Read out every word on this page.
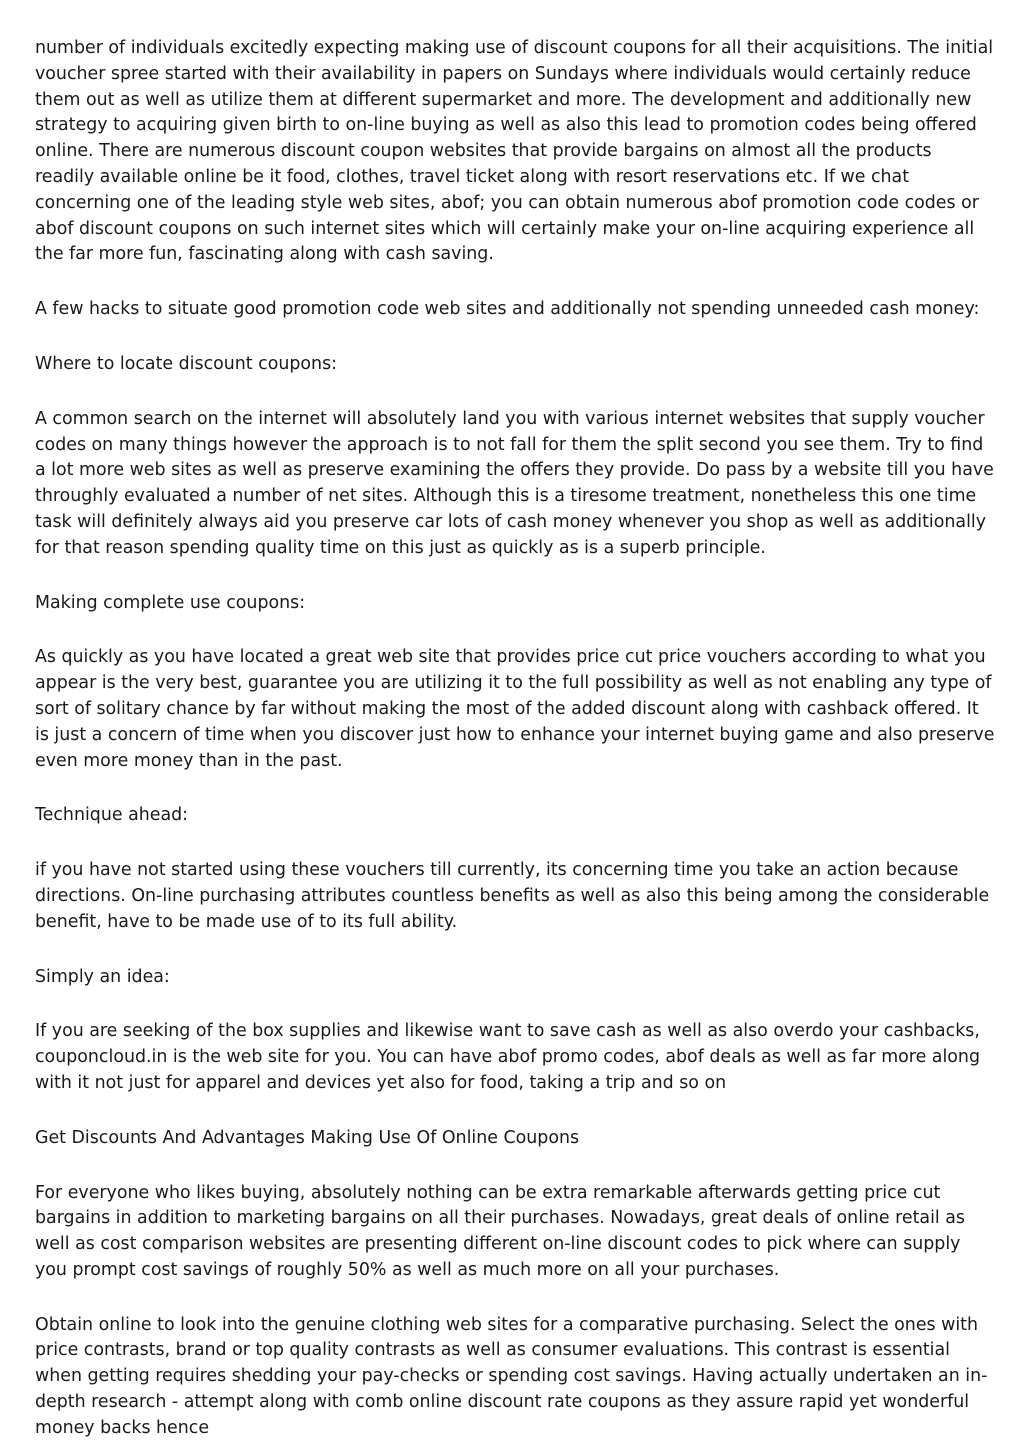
number of individuals excitedly expecting making use of discount coupons for all their acquisitions. The initial voucher spree started with their availability in papers on Sundays where individuals would certainly reduce them out as well as utilize them at different supermarket and more. The development and additionally new strategy to acquiring given birth to on-line buying as well as also this lead to promotion codes being offered online. There are numerous discount coupon websites that provide bargains on almost all the products readily available online be it food, clothes, travel ticket along with resort reservations etc. If we chat concerning one of the leading style web sites, abof; you can obtain numerous abof promotion code codes or abof discount coupons on such internet sites which will certainly make your on-line acquiring experience all the far more fun, fascinating along with cash saving.

A few hacks to situate good promotion code web sites and additionally not spending unneeded cash money:

Where to locate discount coupons:

A common search on the internet will absolutely land you with various internet websites that supply voucher codes on many things however the approach is to not fall for them the split second you see them. Try to find a lot more web sites as well as preserve examining the offers they provide. Do pass by a website till you have throughly evaluated a number of net sites. Although this is a tiresome treatment, nonetheless this one time task will definitely always aid you preserve car lots of cash money whenever you shop as well as additionally for that reason spending quality time on this just as quickly as is a superb principle.

Making complete use coupons:

As quickly as you have located a great web site that provides price cut price vouchers according to what you appear is the very best, guarantee you are utilizing it to the full possibility as well as not enabling any type of sort of solitary chance by far without making the most of the added discount along with cashback offered. It is just a concern of time when you discover just how to enhance your internet buying game and also preserve even more money than in the past.

Technique ahead:

if you have not started using these vouchers till currently, its concerning time you take an action because directions. On-line purchasing attributes countless benefits as well as also this being among the considerable benefit, have to be made use of to its full ability.

Simply an idea:

If you are seeking of the box supplies and likewise want to save cash as well as also overdo your cashbacks, couponcloud.in is the web site for you. You can have abof promo codes, abof deals as well as far more along with it not just for apparel and devices yet also for food, taking a trip and so on

Get Discounts And Advantages Making Use Of Online Coupons

For everyone who likes buying, absolutely nothing can be extra remarkable afterwards getting price cut bargains in addition to marketing bargains on all their purchases. Nowadays, great deals of online retail as well as cost comparison websites are presenting different on-line discount codes to pick where can supply you prompt cost savings of roughly 50% as well as much more on all your purchases.

Obtain online to look into the genuine clothing web sites for a comparative purchasing. Select the ones with price contrasts, brand or top quality contrasts as well as consumer evaluations. This contrast is essential when getting requires shedding your pay-checks or spending cost savings. Having actually undertaken an in-depth research - attempt along with comb online discount rate coupons as they assure rapid yet wonderful money backs hence
